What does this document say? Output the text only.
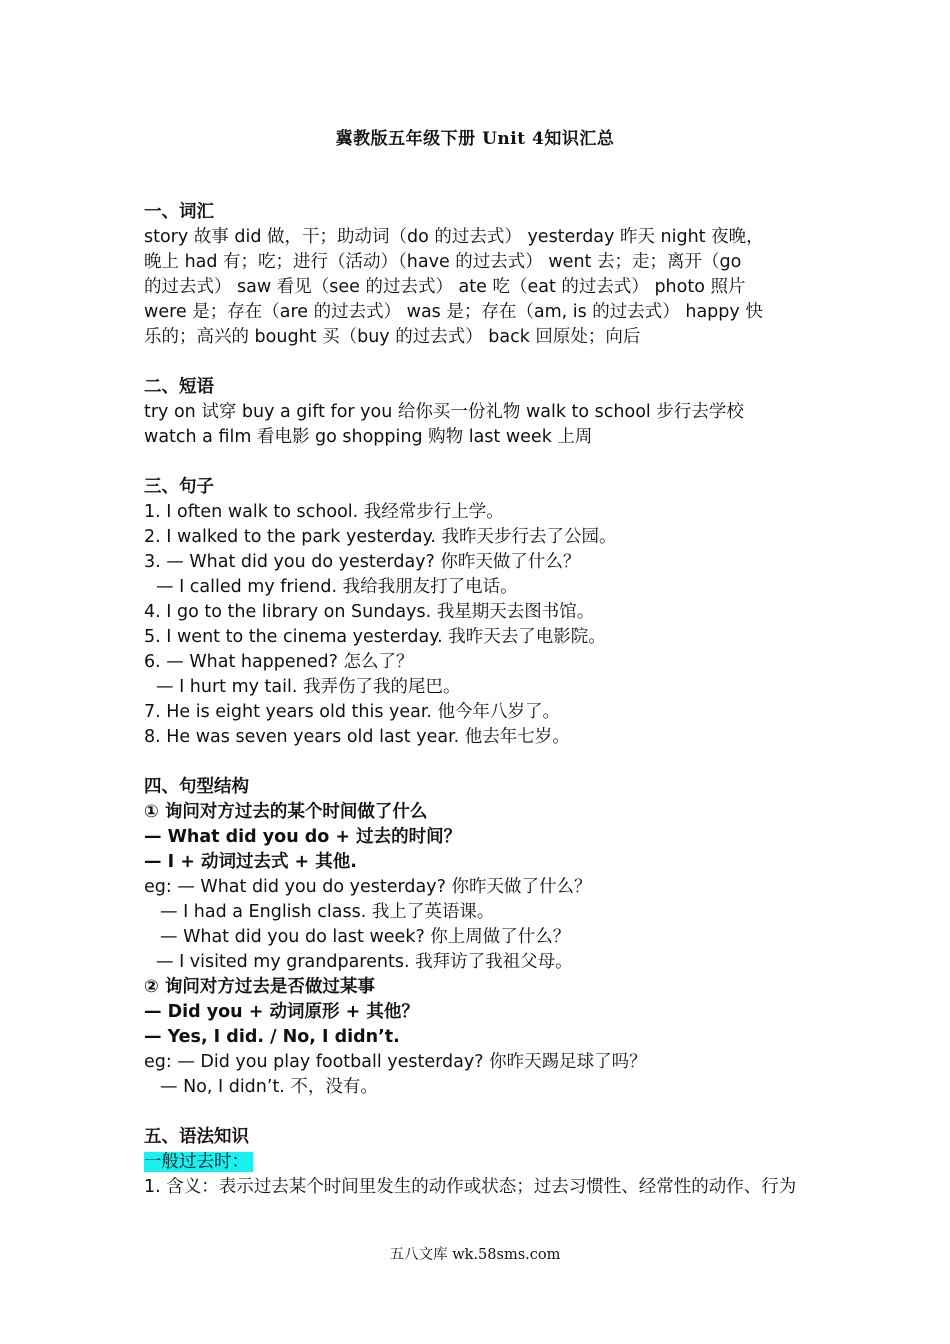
冀教版五年级下册 Unit 4知识汇总
一、词汇
story 故事 did 做，干；助动词（do 的过去式） yesterday 昨天 night 夜晚，
晚上 had 有；吃；进行（活动）（have 的过去式） went 去；走；离开（go
的过去式） saw 看见（see 的过去式） ate 吃（eat 的过去式） photo 照片
were 是；存在（are 的过去式） was 是；存在（am, is 的过去式） happy 快
乐的；高兴的 bought 买（buy 的过去式） back 回原处；向后
二、短语
try on 试穿 buy a gift for you 给你买一份礼物 walk to school 步行去学校
watch a film 看电影 go shopping 购物 last week 上周
三、句子
1. I often walk to school. 我经常步行上学。
2. I walked to the park yesterday. 我昨天步行去了公园。
3. — What did you do yesterday? 你昨天做了什么？
— I called my friend. 我给我朋友打了电话。
4. I go to the library on Sundays. 我星期天去图书馆。
5. I went to the cinema yesterday. 我昨天去了电影院。
6. — What happened? 怎么了？
— I hurt my tail. 我弄伤了我的尾巴。
7. He is eight years old this year. 他今年八岁了。
8. He was seven years old last year. 他去年七岁。
四、句型结构
① 询问对方过去的某个时间做了什么
— What did you do + 过去的时间？
— I + 动词过去式 + 其他.
eg: — What did you do yesterday? 你昨天做了什么？
— I had a English class. 我上了英语课。
— What did you do last week? 你上周做了什么？
— I visited my grandparents. 我拜访了我祖父母。
② 询问对方过去是否做过某事
— Did you + 动词原形 + 其他？
— Yes, I did. / No, I didn’t.
eg: — Did you play football yesterday? 你昨天踢足球了吗？
— No, I didn’t. 不，没有。
五、语法知识
一般过去时：
1. 含义：表示过去某个时间里发生的动作或状态；过去习惯性、经常性的动作、行为
五八文库 wk.58sms.com
